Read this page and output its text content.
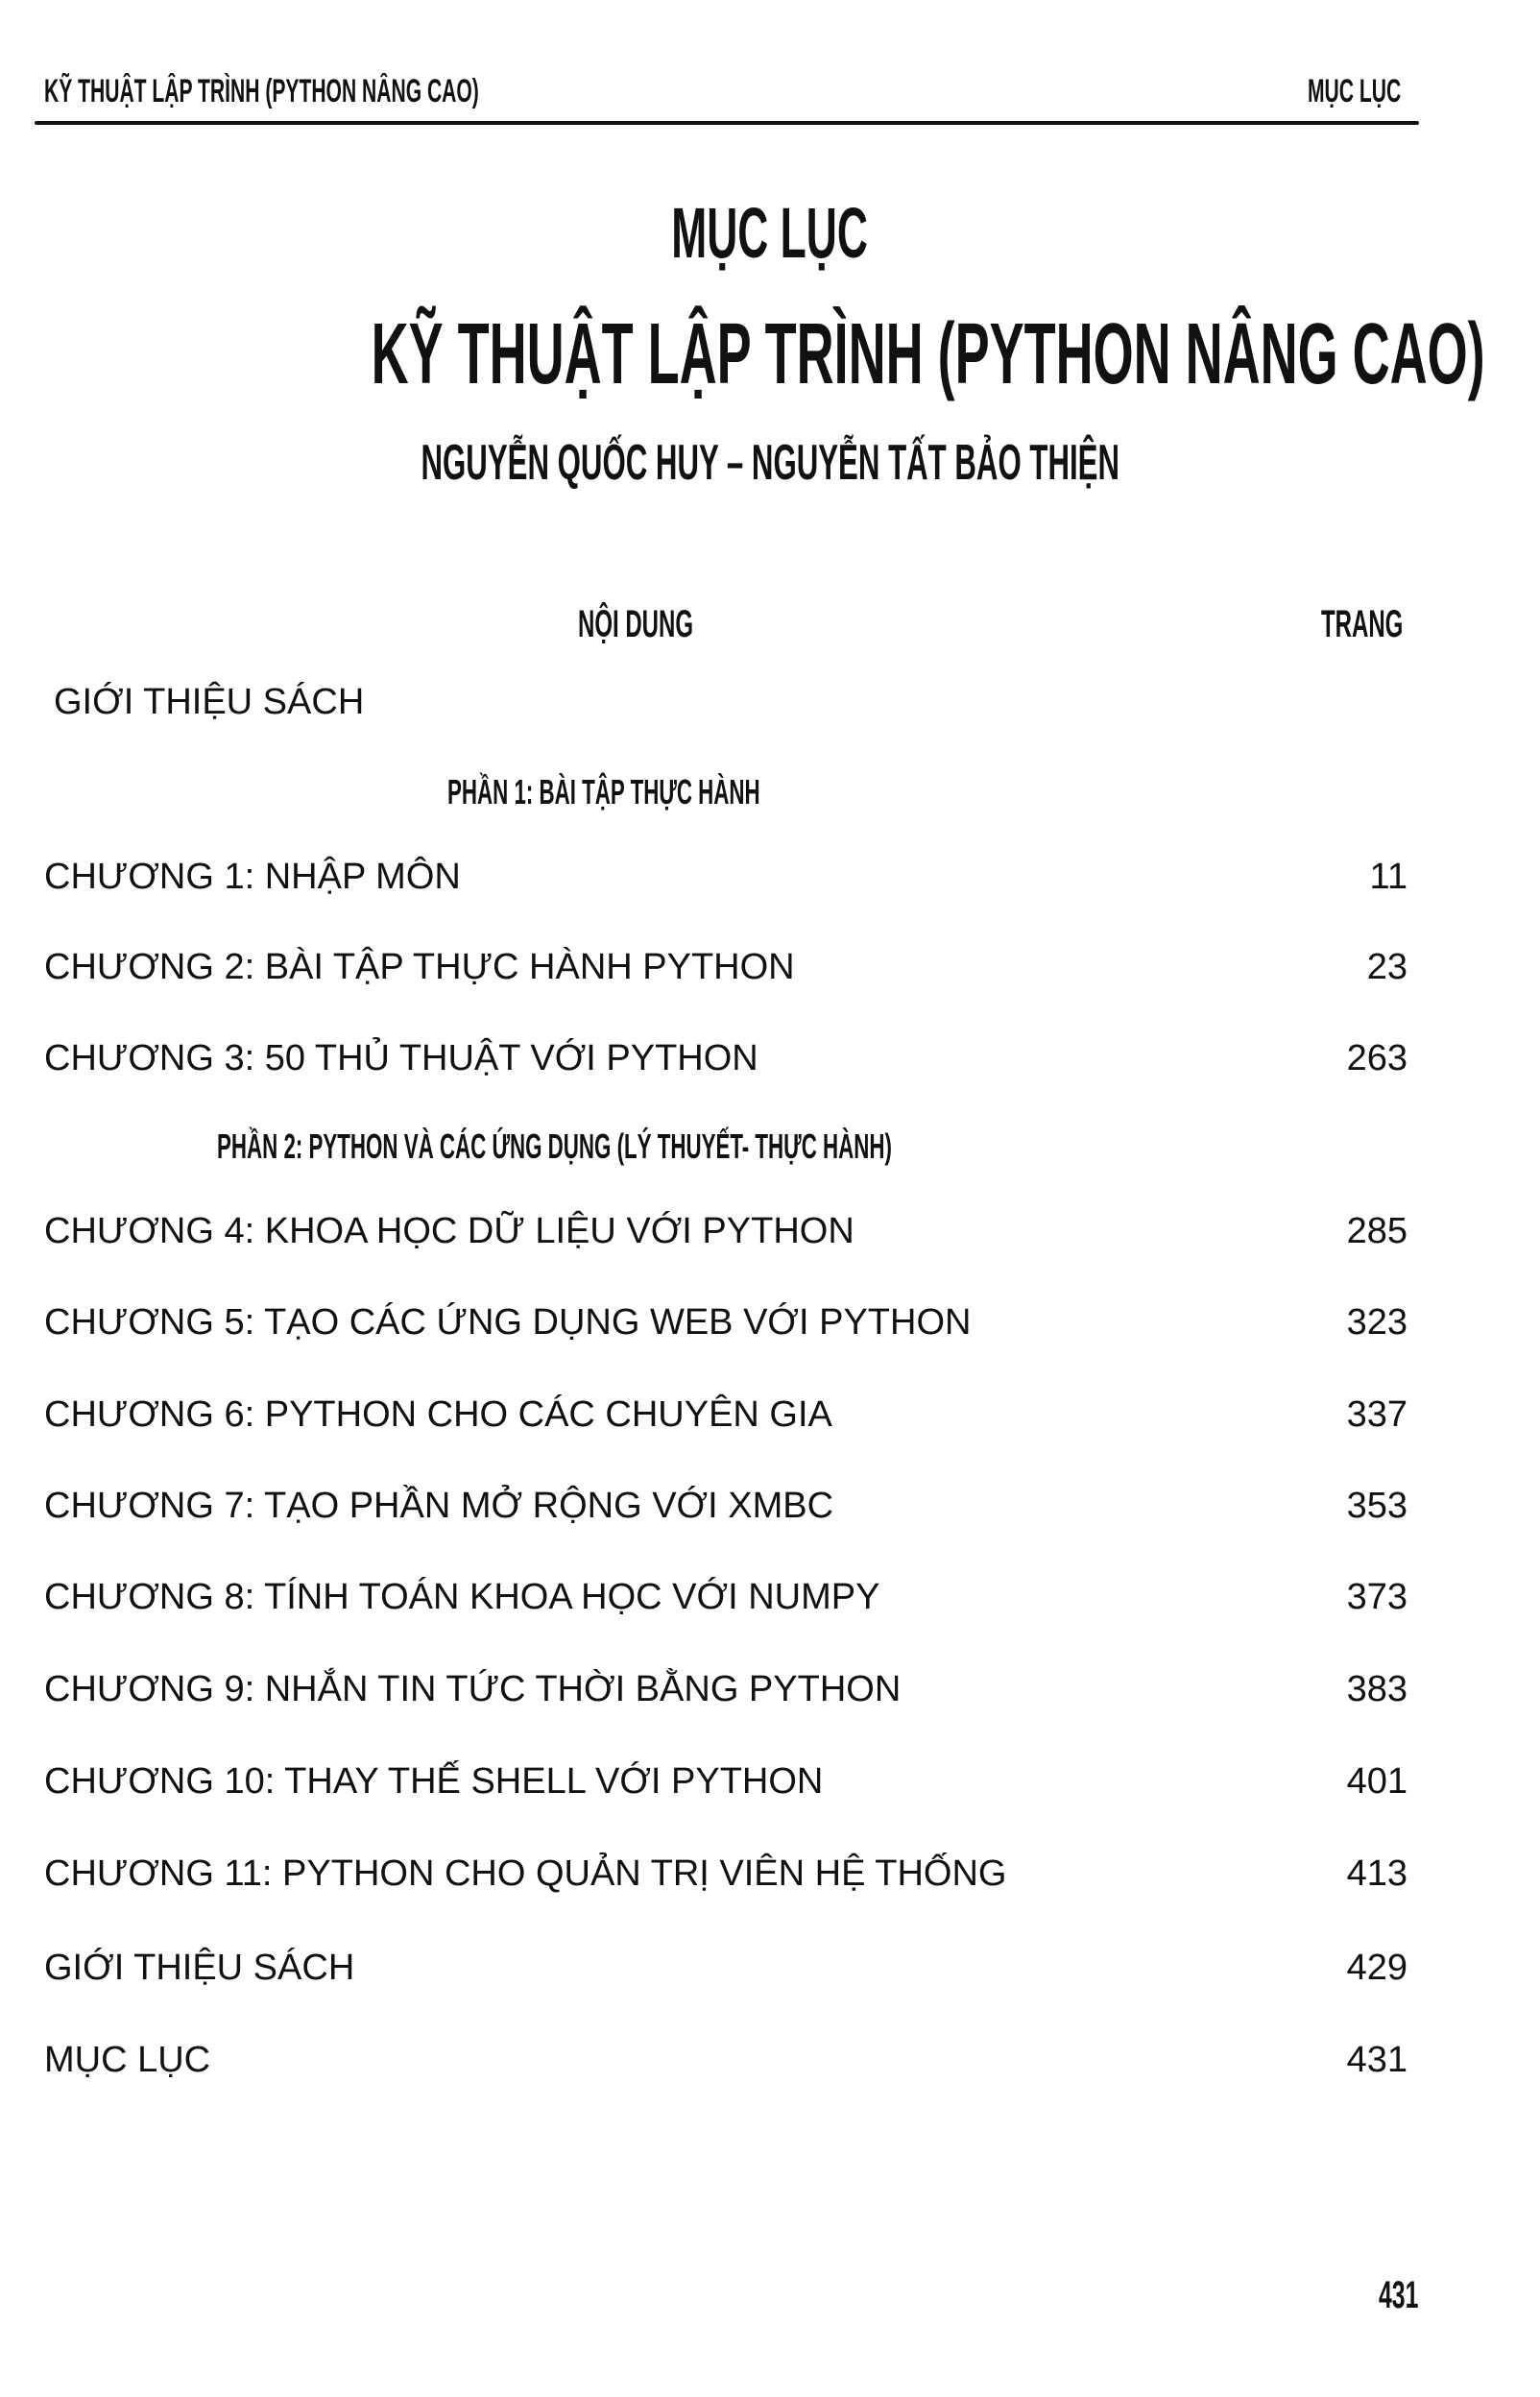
KỸ THUẬT LẬP TRÌNH (PYTHON NÂNG CAO)	MỤC LỤC
MỤC LỤC
KỸ THUẬT LẬP TRÌNH (PYTHON NÂNG CAO)
NGUYỄN QUỐC HUY – NGUYỄN TẤT BẢO THIỆN
NỘI DUNG	TRANG
GIỚI THIỆU SÁCH
PHẦN 1: BÀI TẬP THỰC HÀNH
CHƯƠNG 1: NHẬP MÔN	11
CHƯƠNG 2: BÀI TẬP THỰC HÀNH PYTHON	23
CHƯƠNG 3: 50 THỦ THUẬT VỚI PYTHON	263
PHẦN 2: PYTHON VÀ CÁC ỨNG DỤNG (LÝ THUYẾT- THỰC HÀNH)
CHƯƠNG 4: KHOA HỌC DỮ LIỆU VỚI PYTHON	285
CHƯƠNG 5: TẠO CÁC ỨNG DỤNG WEB VỚI PYTHON	323
CHƯƠNG 6: PYTHON CHO CÁC CHUYÊN GIA	337
CHƯƠNG 7: TẠO PHẦN MỞ RỘNG VỚI XMBC	353
CHƯƠNG 8: TÍNH TOÁN KHOA HỌC VỚI NUMPY	373
CHƯƠNG 9: NHẮN TIN TỨC THỜI BẰNG PYTHON	383
CHƯƠNG 10: THAY THẾ SHELL VỚI PYTHON	401
CHƯƠNG 11: PYTHON CHO QUẢN TRỊ VIÊN HỆ THỐNG	413
GIỚI THIỆU SÁCH	429
MỤC LỤC	431
431
